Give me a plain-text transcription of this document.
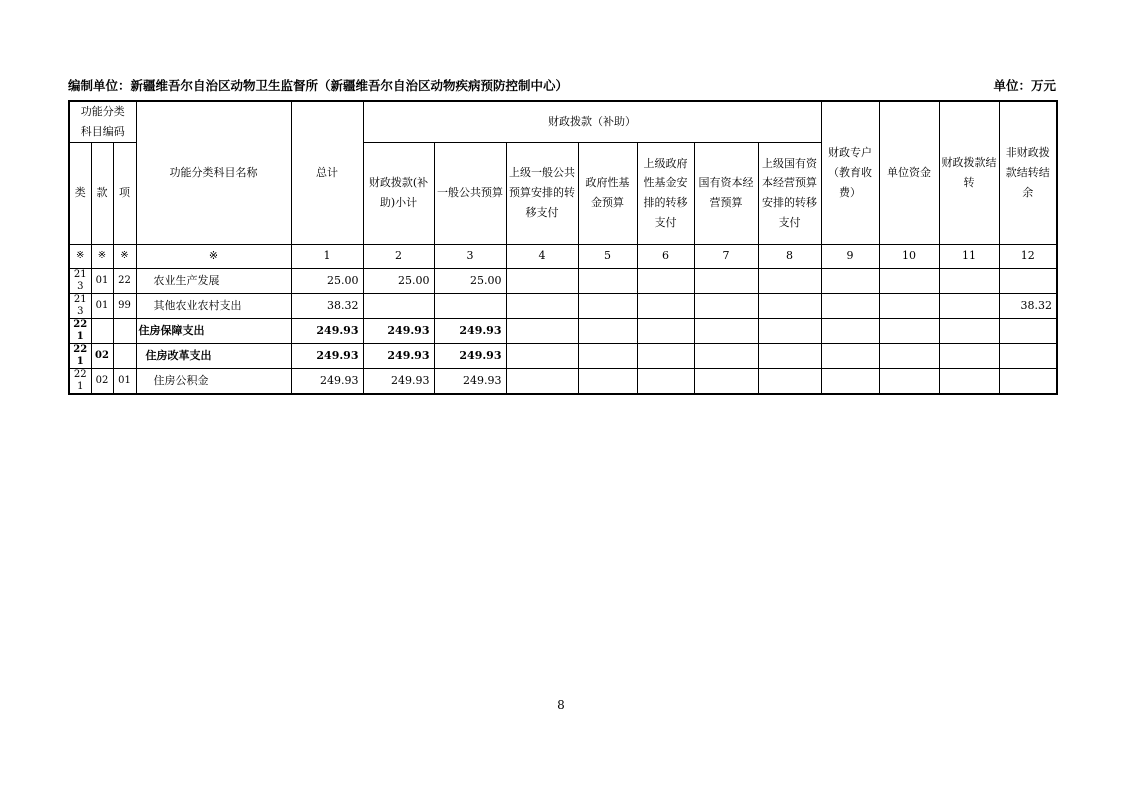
编制单位：新疆维吾尔自治区动物卫生监督所（新疆维吾尔自治区动物疾病预防控制中心）	单位：万元
功能分类科目编码			功能分类科目名称	总计	财政拨款（补助）							财政专户（教育收费）	单位资金	财政拨款结转	非财政拨款结转结余
类	款	项			财政拨款(补助)小计	一般公共预算	上级一般公共预算安排的转移支付	政府性基金预算	上级政府性基金安排的转移支付	国有资本经营预算	上级国有资本经营预算安排的转移支付				
※	※	※	※	1	2	3	4	5	6	7	8	9	10	11	12
213	01	22	农业生产发展	25.00	25.00	25.00									
213	01	99	其他农业农村支出	38.32											38.32
221			住房保障支出	249.93	249.93	249.93									
221	02		住房改革支出	249.93	249.93	249.93									
221	02	01	住房公积金	249.93	249.93	249.93									
8
